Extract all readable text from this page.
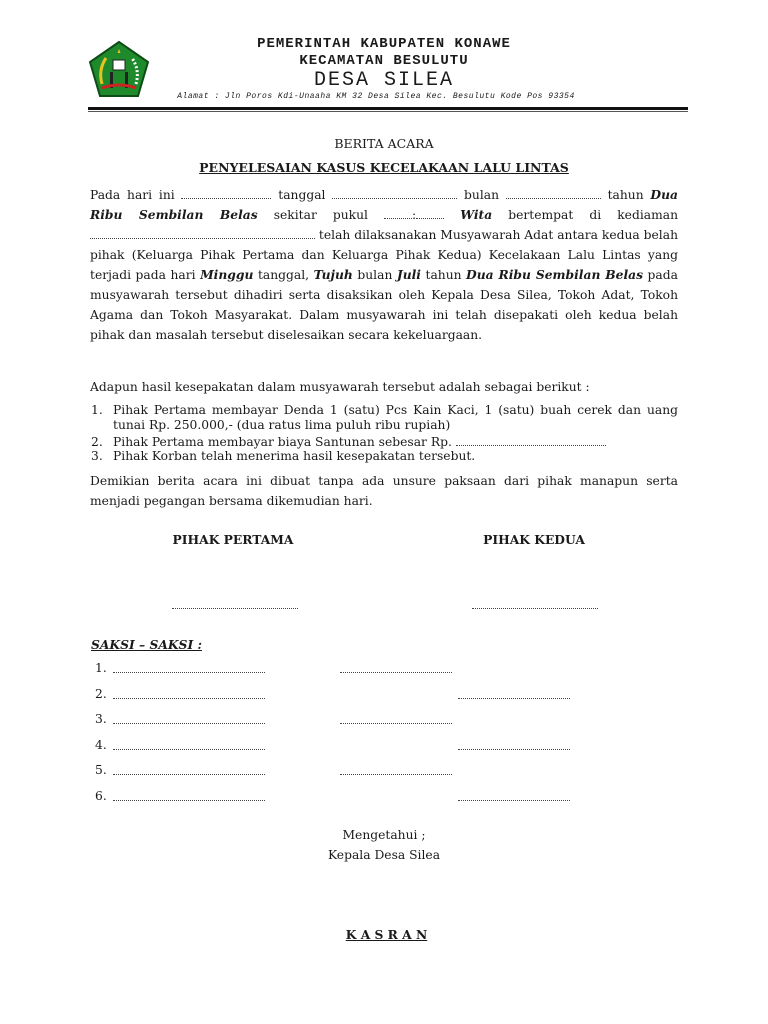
PEMERINTAH KABUPATEN KONAWE
KECAMATAN BESULUTU
DESA SILEA
Alamat : Jln Poros Kdi-Unaaha KM 32 Desa Silea Kec. Besulutu Kode Pos 93354
BERITA ACARA
PENYELESAIAN KASUS KECELAKAAN LALU LINTAS
Pada hari ini	tanggal	bulan	tahun Dua Ribu Sembilan Belas sekitar pukul :	Wita bertempat di kediaman  telah dilaksanakan Musyawarah Adat antara kedua belah pihak (Keluarga Pihak Pertama dan Keluarga Pihak Kedua) Kecelakaan Lalu Lintas yang terjadi pada hari Minggu tanggal, Tujuh bulan Juli tahun Dua Ribu Sembilan Belas pada musyawarah tersebut dihadiri serta disaksikan oleh Kepala Desa Silea, Tokoh Adat, Tokoh Agama dan Tokoh Masyarakat. Dalam musyawarah ini telah disepakati oleh kedua belah pihak dan masalah tersebut diselesaikan secara kekeluargaan.
Adapun hasil kesepakatan dalam musyawarah tersebut adalah sebagai berikut :
1. Pihak Pertama membayar Denda 1 (satu) Pcs Kain Kaci, 1 (satu) buah cerek dan uang tunai Rp. 250.000,- (dua ratus lima puluh ribu rupiah)
2. Pihak Pertama membayar biaya Santunan sebesar Rp.
3. Pihak Korban telah menerima hasil kesepakatan tersebut.
Demikian berita acara ini dibuat tanpa ada unsure paksaan dari pihak manapun serta menjadi pegangan bersama dikemudian hari.
PIHAK PERTAMA	PIHAK KEDUA
SAKSI – SAKSI :
1.
2.
3.
4.
5.
6.
Mengetahui ;
Kepala Desa Silea
K A S R A N
